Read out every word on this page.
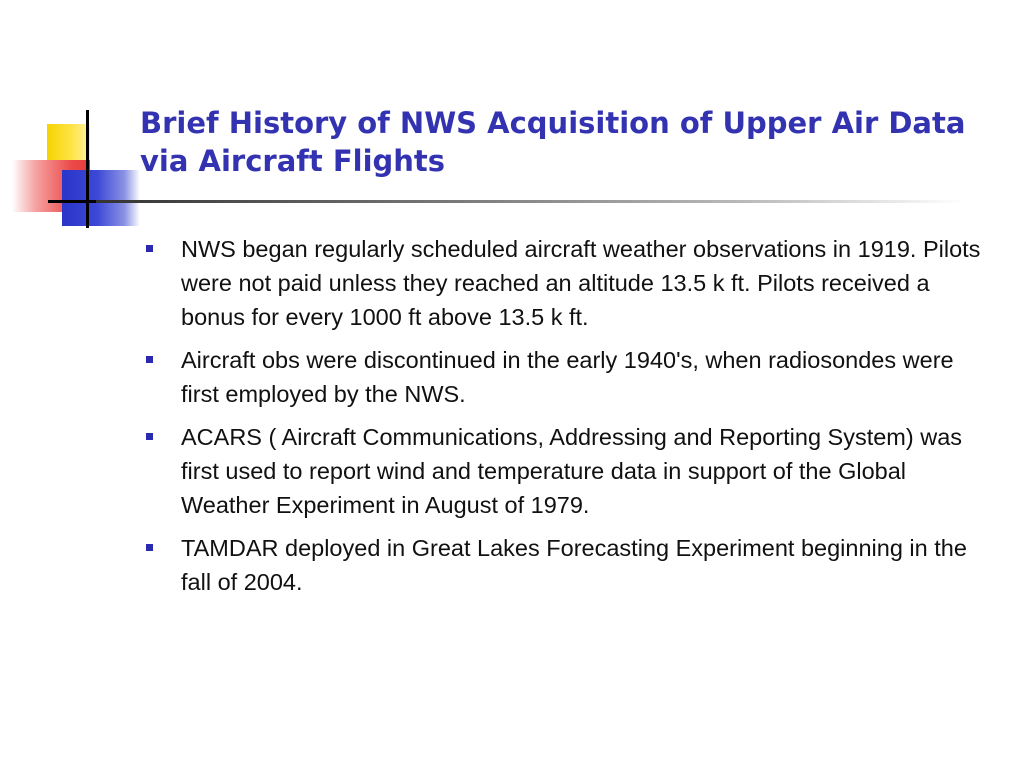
Brief History of NWS Acquisition of Upper Air Data via Aircraft Flights
NWS began regularly scheduled aircraft weather observations in 1919. Pilots were not paid unless they reached an altitude 13.5 k ft. Pilots received a bonus for every 1000 ft above 13.5 k ft.
Aircraft obs were discontinued in the early 1940's, when radiosondes were first employed by the NWS.
ACARS ( Aircraft Communications, Addressing and Reporting System) was first used to report wind and temperature data in support of the Global Weather Experiment in August of 1979.
TAMDAR deployed in Great Lakes Forecasting Experiment beginning in the fall of 2004.
